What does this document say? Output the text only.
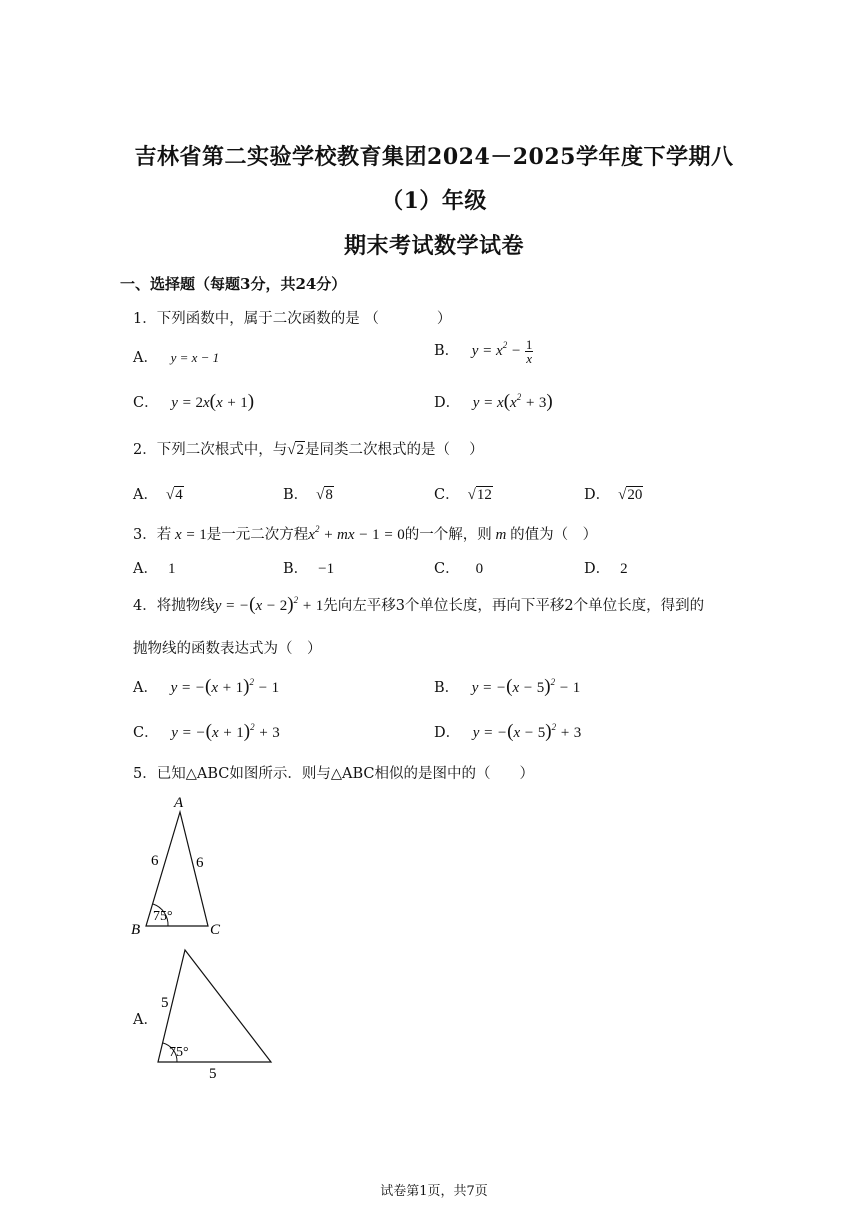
吉林省第二实验学校教育集团2024－2025学年度下学期八
（1）年级
期末考试数学试卷
一、选择题（每题3分，共24分）
1．下列函数中，属于二次函数的是 （　　　　）
A． y = x − 1	B． $y = x^2 - \frac{1}{x}$
C． y = 2x(x + 1)	D． $y = x(x^2 + 3)$
2．下列二次根式中，与√2是同类二次根式的是（　 ）
A． √4	B． √8	C． √12	D． √20
3．若 x = 1是一元二次方程$x^2$ + mx − 1 = 0的一个解，则 m 的值为（　）
A． 1	B． −1	C． 0	D． 2
4．将抛物线$y = -(x - 2)^2 + 1$先向左平移3个单位长度，再向下平移2个单位长度，得到的
抛物线的函数表达式为（　）
A． $y = -(x + 1)^2 - 1$	B． $y = -(x - 5)^2 - 1$
C． $y = -(x + 1)^2 + 3$	D． $y = -(x - 5)^2 + 3$
5．已知△ABC如图所示．则与△ABC相似的是图中的（　　）
A
B	C
6	6
75°
A．
5
5
75°
试卷第1页，共7页
